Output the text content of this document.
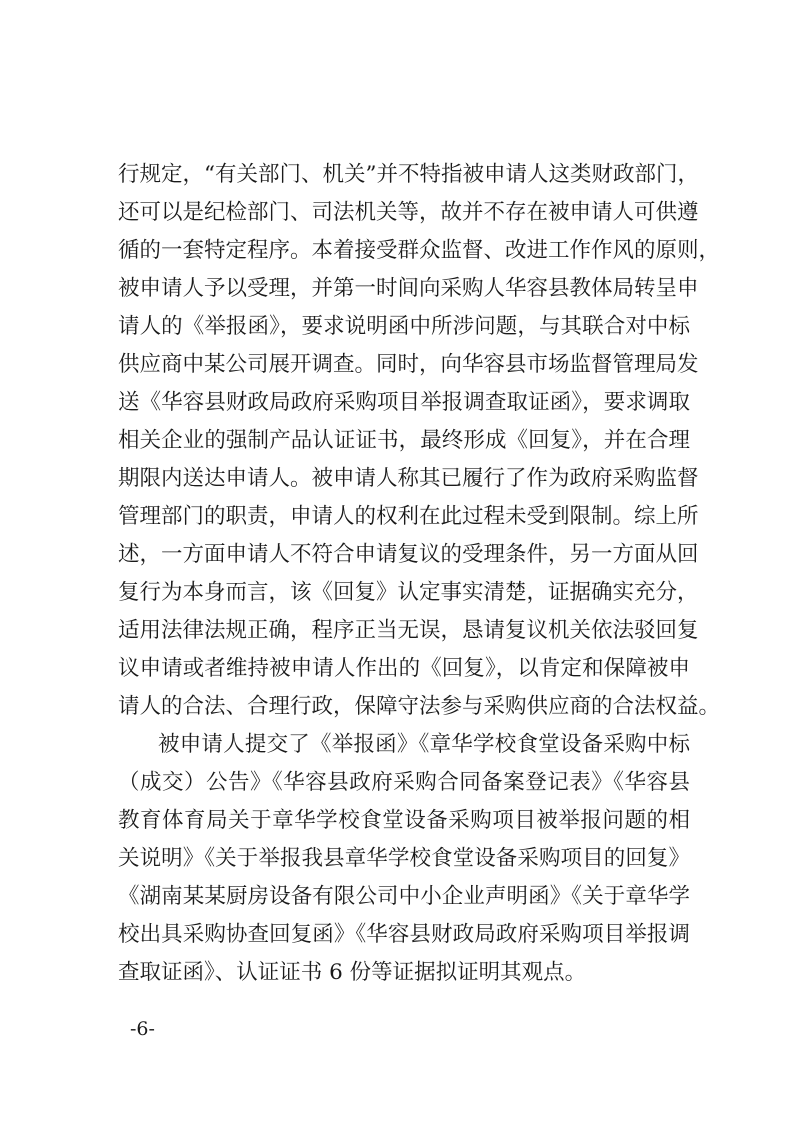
行规定，“有关部门、机关”并不特指被申请人这类财政部门，

还可以是纪检部门、司法机关等，故并不存在被申请人可供遵

循的一套特定程序。本着接受群众监督、改进工作作风的原则，

被申请人予以受理，并第一时间向采购人华容县教体局转呈申

请人的《举报函》，要求说明函中所涉问题，与其联合对中标

供应商中某公司展开调查。同时，向华容县市场监督管理局发

送《华容县财政局政府采购项目举报调查取证函》，要求调取

相关企业的强制产品认证证书，最终形成《回复》，并在合理

期限内送达申请人。被申请人称其已履行了作为政府采购监督

管理部门的职责，申请人的权利在此过程未受到限制。综上所

述，一方面申请人不符合申请复议的受理条件，另一方面从回

复行为本身而言，该《回复》认定事实清楚，证据确实充分，

适用法律法规正确，程序正当无误，恳请复议机关依法驳回复

议申请或者维持被申请人作出的《回复》，以肯定和保障被申

请人的合法、合理行政，保障守法参与采购供应商的合法权益。

被申请人提交了《举报函》《章华学校食堂设备采购中标

（成交）公告》《华容县政府采购合同备案登记表》《华容县

教育体育局关于章华学校食堂设备采购项目被举报问题的相

关说明》《关于举报我县章华学校食堂设备采购项目的回复》

《湖南某某厨房设备有限公司中小企业声明函》《关于章华学

校出具采购协查回复函》《华容县财政局政府采购项目举报调

查取证函》、认证证书 6 份等证据拟证明其观点。

-6-
